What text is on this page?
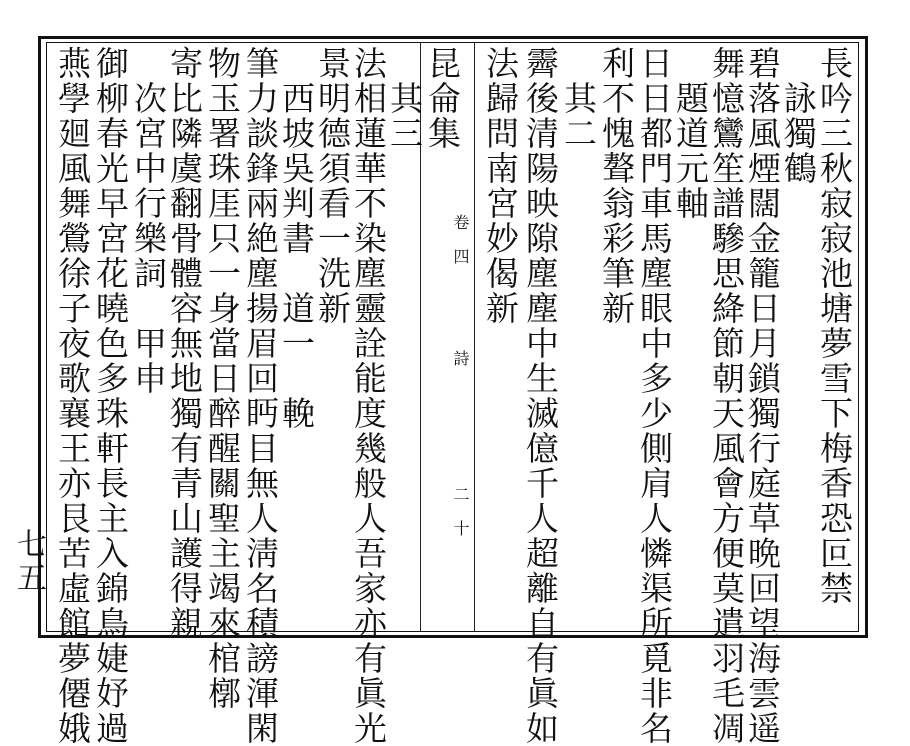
長吟三秋寂寂池塘夢雪下梅香恐叵禁
　詠獨鶴
碧落風煙闊金籠日月鎖獨行庭草晩回望海雲遥
舞憶鸞笙譜驂思絳節朝天風會方便莫遣羽毛凋
　題道元軸
日日都門車馬塵眼中多少側肩人憐渠所覓非名
利不愧聱翁彩筆新
　其二
霽後清陽映隙塵塵中生滅億千人超離自有眞如
法歸問南宮妙偈新
　卷四　　詩　　　二十
昆侖集
　其三
法相蓮華不染塵靈詮能度幾般人吾家亦有眞光
景明德須看一洗新
　西坡吳判書　道一　輓
筆力談鋒兩絶塵揚眉回眄目無人淸名積謗渾閑
物玉署珠厓只一身當日醉醒關聖主竭來棺槨
寄比隣虞翻骨體容無地獨有青山護得親
　次宮中行樂詞　甲申
御柳春光早宮花曉色多珠軒長主入錦鳥婕妤過
燕學廻風舞鶯徐子夜歌襄王亦艮苦虛館夢僊娥
七五
